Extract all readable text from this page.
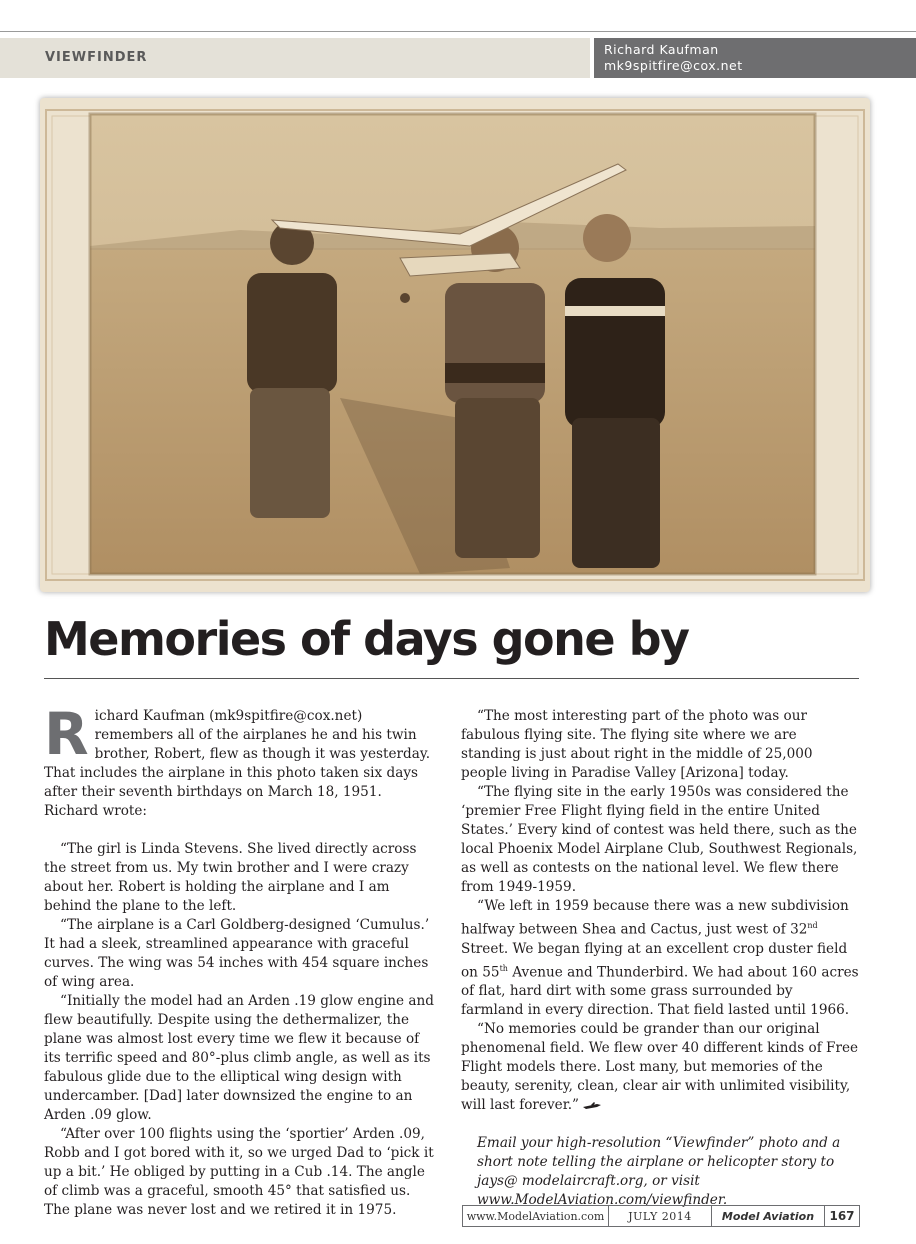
VIEWFINDER
Richard Kaufman
mk9spitfire@cox.net
Memories of days gone by

Richard Kaufman (mk9spitfire@cox.net) remembers all of the airplanes he and his twin brother, Robert, flew as though it was yesterday. That includes the airplane in this photo taken six days after their seventh birthdays on March 18, 1951. Richard wrote:

“The girl is Linda Stevens. She lived directly across the street from us. My twin brother and I were crazy about her. Robert is holding the airplane and I am behind the plane to the left.

“The airplane is a Carl Goldberg-designed ‘Cumulus.’ It had a sleek, streamlined appearance with graceful curves. The wing was 54 inches with 454 square inches of wing area.

“Initially the model had an Arden .19 glow engine and flew beautifully. Despite using the dethermalizer, the plane was almost lost every time we flew it because of its terrific speed and 80°-plus climb angle, as well as its fabulous glide due to the elliptical wing design with undercamber. [Dad] later downsized the engine to an Arden .09 glow.

“After over 100 flights using the ‘sportier’ Arden .09, Robb and I got bored with it, so we urged Dad to ‘pick it up a bit.’ He obliged by putting in a Cub .14. The angle of climb was a graceful, smooth 45° that satisfied us. The plane was never lost and we retired it in 1975.

“The most interesting part of the photo was our fabulous flying site. The flying site where we are standing is just about right in the middle of 25,000 people living in Paradise Valley [Arizona] today.

“The flying site in the early 1950s was considered the ‘premier Free Flight flying field in the entire United States.’ Every kind of contest was held there, such as the local Phoenix Model Airplane Club, Southwest Regionals, as well as contests on the national level. We flew there from 1949-1959.

“We left in 1959 because there was a new subdivision halfway between Shea and Cactus, just west of 32nd Street. We began flying at an excellent crop duster field on 55th Avenue and Thunderbird. We had about 160 acres of flat, hard dirt with some grass surrounded by farmland in every direction. That field lasted until 1966.

“No memories could be grander than our original phenomenal field. We flew over 40 different kinds of Free Flight models there. Lost many, but memories of the beauty, serenity, clean, clear air with unlimited visibility, will last forever.”

Email your high-resolution “Viewfinder” photo and a short note telling the airplane or helicopter story to jays@ modelaircraft.org, or visit www.ModelAviation.com/viewfinder.

www.ModelAviation.com	JULY 2014	Model Aviation	167
